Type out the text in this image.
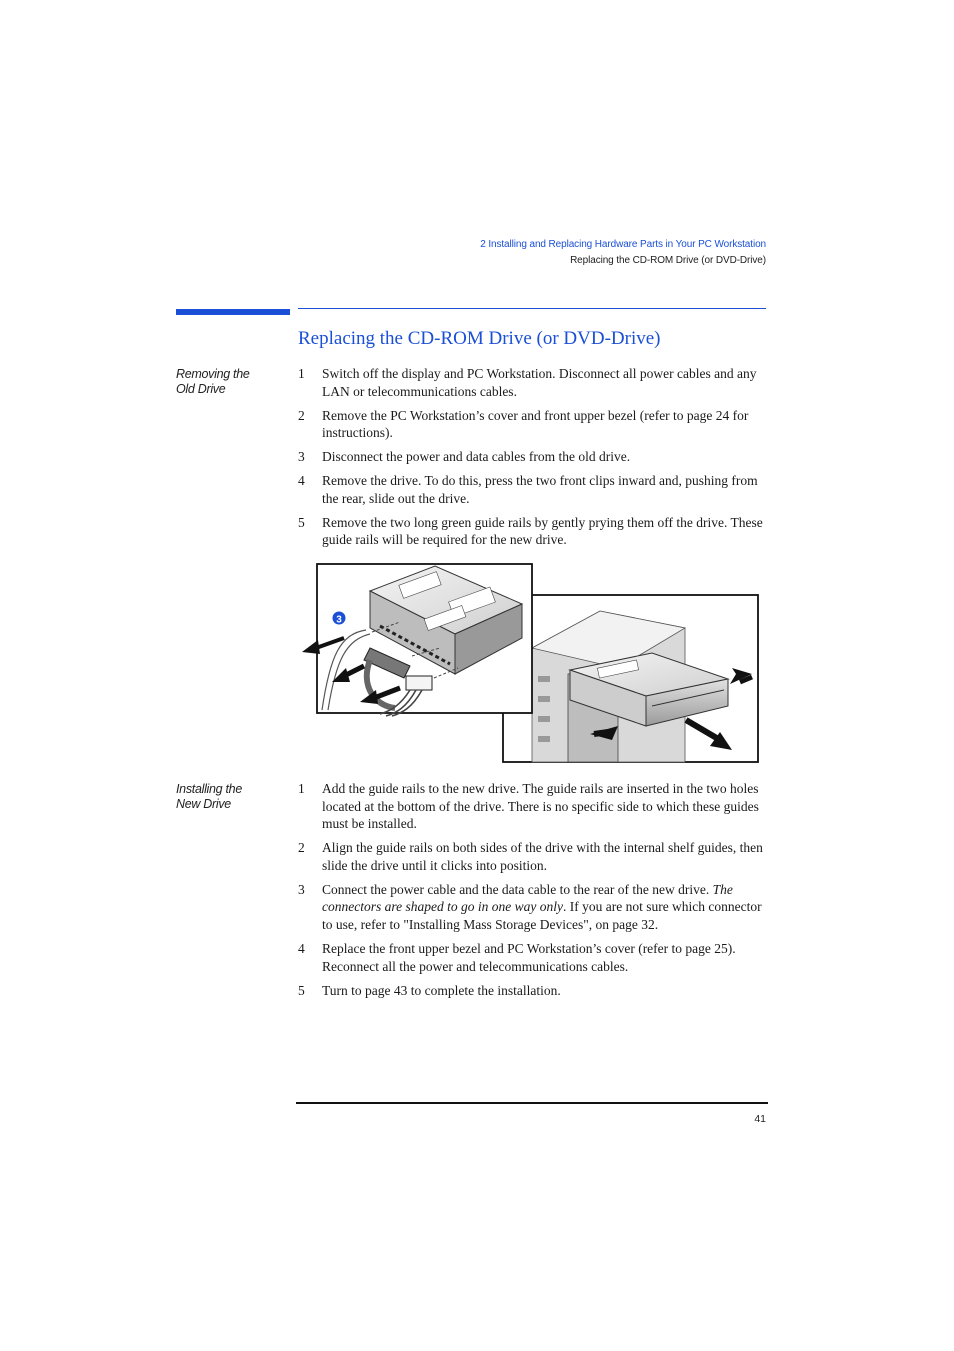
2 Installing and Replacing Hardware Parts in Your PC Workstation
Replacing the CD-ROM Drive (or DVD-Drive)
Replacing the CD-ROM Drive (or DVD-Drive)
Removing the
Old Drive
1	Switch off the display and PC Workstation. Disconnect all power cables and any LAN or telecommunications cables.
2	Remove the PC Workstation’s cover and front upper bezel (refer to page 24 for instructions).
3	Disconnect the power and data cables from the old drive.
4	Remove the drive. To do this, press the two front clips inward and, pushing from the rear, slide out the drive.
5	Remove the two long green guide rails by gently prying them off the drive. These guide rails will be required for the new drive.
3
Installing the
New Drive
1	Add the guide rails to the new drive. The guide rails are inserted in the two holes located at the bottom of the drive. There is no specific side to which these guides must be installed.
2	Align the guide rails on both sides of the drive with the internal shelf guides, then slide the drive until it clicks into position.
3	Connect the power cable and the data cable to the rear of the new drive. The connectors are shaped to go in one way only. If you are not sure which connector to use, refer to "Installing Mass Storage Devices", on page 32.
4	Replace the front upper bezel and PC Workstation’s cover (refer to page 25). Reconnect all the power and telecommunications cables.
5	Turn to page 43 to complete the installation.
41
